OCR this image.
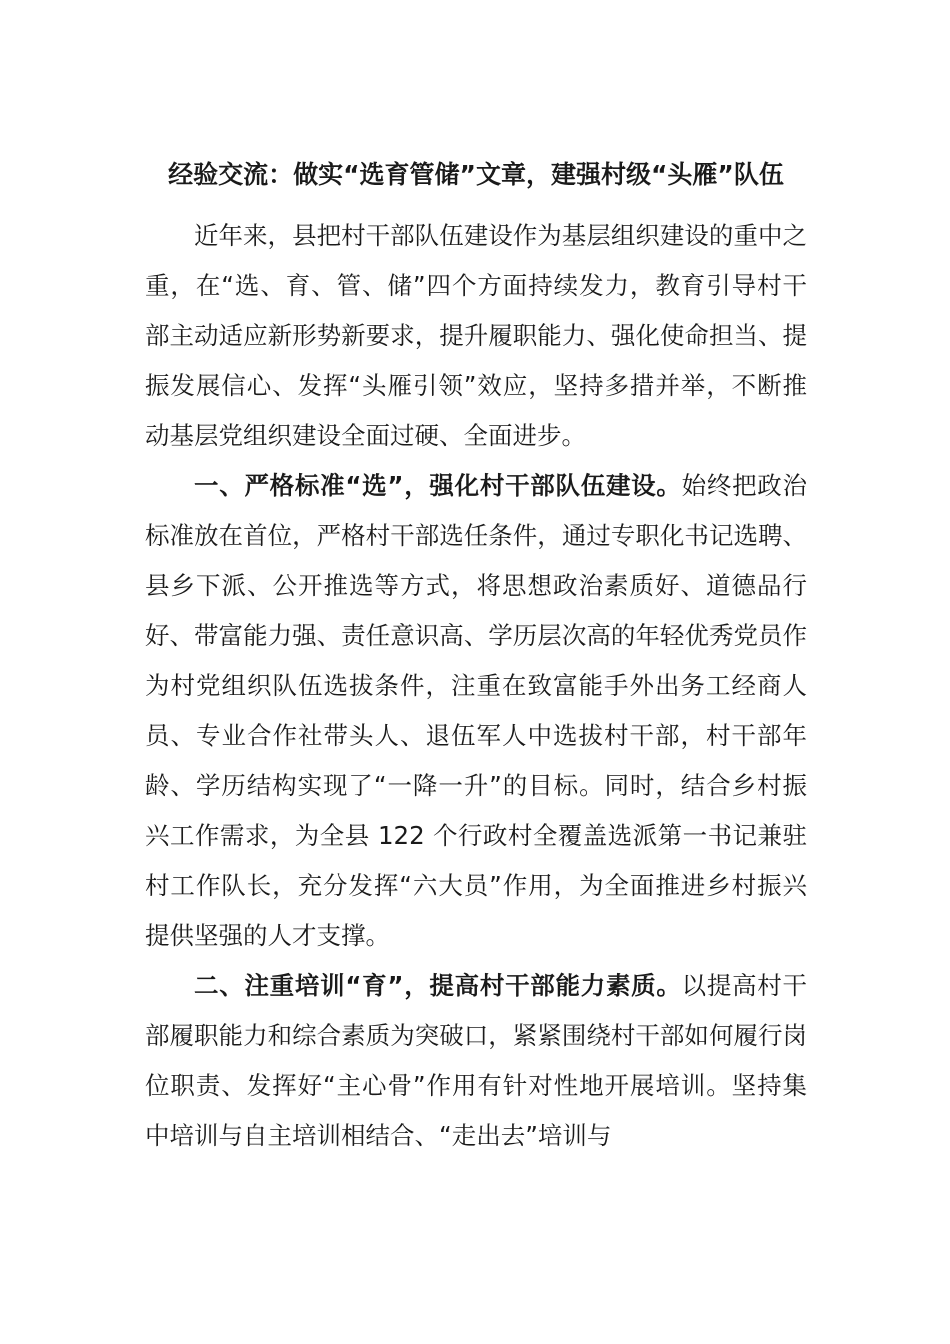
经验交流：做实“选育管储”文章，建强村级“头雁”队伍

近年来，县把村干部队伍建设作为基层组织建设的重中之重，在“选、育、管、储”四个方面持续发力，教育引导村干部主动适应新形势新要求，提升履职能力、强化使命担当、提振发展信心、发挥“头雁引领”效应，坚持多措并举，不断推动基层党组织建设全面过硬、全面进步。

一、严格标准“选”，强化村干部队伍建设。始终把政治标准放在首位，严格村干部选任条件，通过专职化书记选聘、县乡下派、公开推选等方式，将思想政治素质好、道德品行好、带富能力强、责任意识高、学历层次高的年轻优秀党员作为村党组织队伍选拔条件，注重在致富能手外出务工经商人员、专业合作社带头人、退伍军人中选拔村干部，村干部年龄、学历结构实现了“一降一升”的目标。同时，结合乡村振兴工作需求，为全县 122 个行政村全覆盖选派第一书记兼驻村工作队长，充分发挥“六大员”作用，为全面推进乡村振兴提供坚强的人才支撑。

二、注重培训“育”，提高村干部能力素质。以提高村干部履职能力和综合素质为突破口，紧紧围绕村干部如何履行岗位职责、发挥好“主心骨”作用有针对性地开展培训。坚持集中培训与自主培训相结合、“走出去”培训与
